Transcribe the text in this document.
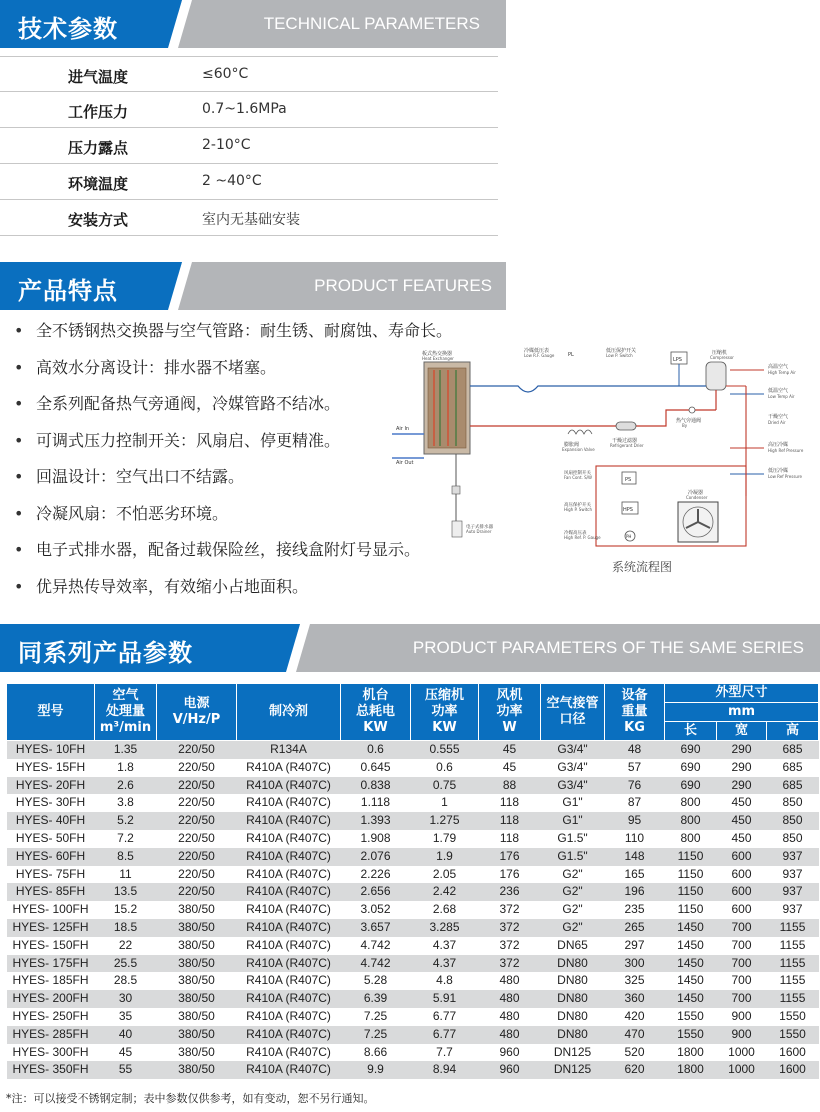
技术参数	TECHNICAL PARAMETERS
进气温度	≤60°C
工作压力	0.7~1.6MPa
压力露点	2-10°C
环境温度	2 ~40°C
安装方式	室内无基础安装
产品特点	PRODUCT FEATURES
• 全不锈钢热交换器与空气管路：耐生锈、耐腐蚀、寿命长。
• 高效水分离设计：排水器不堵塞。
• 全系列配备热气旁通阀，冷媒管路不结冰。
• 可调式压力控制开关：风扇启、停更精准。
• 回温设计：空气出口不结露。
• 冷凝风扇：不怕恶劣环境。
• 电子式排水器，配备过载保险丝，接线盒附灯号显示。
• 优异热传导效率，有效缩小占地面积。
板式热交换器
Heat Exchanger
Air In
Air Out
冷媒低压表
Low R.F. Gauge	PL
低压保护开关
Low P. Switch
LPS
压缩机
Compressor
高温空气
High Temp Air
低温空气
Low Temp Air
干燥空气
Dried Air
高压冷媒
High Ref Pressure
低压冷媒
Low Ref Pressure
热气旁通阀
By
膨胀阀
Expansion Valve
干燥过滤器
Refrigerant Drier
PS
风扇控制开关
Fan Cont. S/W
HPS
高压保护开关
High P. Switch
PH
冷媒高压表
High Ref. P. Gauge
冷凝器
Condenser
电子式排水器
Auto Drainer
系统流程图
同系列产品参数	PRODUCT PARAMETERS OF THE SAME SERIES
型号	空气
处理量
m³/min	电源
V/Hz/P	制冷剂	机台
总耗电
KW	压缩机
功率
KW	风机
功率
W	空气接管
口径	设备
重量
KG	外型尺寸		
									mm		
									长	宽	高
HYES- 10FH	1.35	220/50	R134A	0.6	0.555	45	G3/4"	48	690	290	685
HYES- 15FH	1.8	220/50	R410A (R407C)	0.645	0.6	45	G3/4"	57	690	290	685
HYES- 20FH	2.6	220/50	R410A (R407C)	0.838	0.75	88	G3/4"	76	690	290	685
HYES- 30FH	3.8	220/50	R410A (R407C)	1.118	1	118	G1"	87	800	450	850
HYES- 40FH	5.2	220/50	R410A (R407C)	1.393	1.275	118	G1"	95	800	450	850
HYES- 50FH	7.2	220/50	R410A (R407C)	1.908	1.79	118	G1.5"	110	800	450	850
HYES- 60FH	8.5	220/50	R410A (R407C)	2.076	1.9	176	G1.5"	148	1150	600	937
HYES- 75FH	11	220/50	R410A (R407C)	2.226	2.05	176	G2"	165	1150	600	937
HYES- 85FH	13.5	220/50	R410A (R407C)	2.656	2.42	236	G2"	196	1150	600	937
HYES- 100FH	15.2	380/50	R410A (R407C)	3.052	2.68	372	G2"	235	1150	600	937
HYES- 125FH	18.5	380/50	R410A (R407C)	3.657	3.285	372	G2"	265	1450	700	1155
HYES- 150FH	22	380/50	R410A (R407C)	4.742	4.37	372	DN65	297	1450	700	1155
HYES- 175FH	25.5	380/50	R410A (R407C)	4.742	4.37	372	DN80	300	1450	700	1155
HYES- 185FH	28.5	380/50	R410A (R407C)	5.28	4.8	480	DN80	325	1450	700	1155
HYES- 200FH	30	380/50	R410A (R407C)	6.39	5.91	480	DN80	360	1450	700	1155
HYES- 250FH	35	380/50	R410A (R407C)	7.25	6.77	480	DN80	420	1550	900	1550
HYES- 285FH	40	380/50	R410A (R407C)	7.25	6.77	480	DN80	470	1550	900	1550
HYES- 300FH	45	380/50	R410A (R407C)	8.66	7.7	960	DN125	520	1800	1000	1600
HYES- 350FH	55	380/50	R410A (R407C)	9.9	8.94	960	DN125	620	1800	1000	1600
*注：可以接受不锈钢定制；表中参数仅供参考，如有变动，恕不另行通知。
